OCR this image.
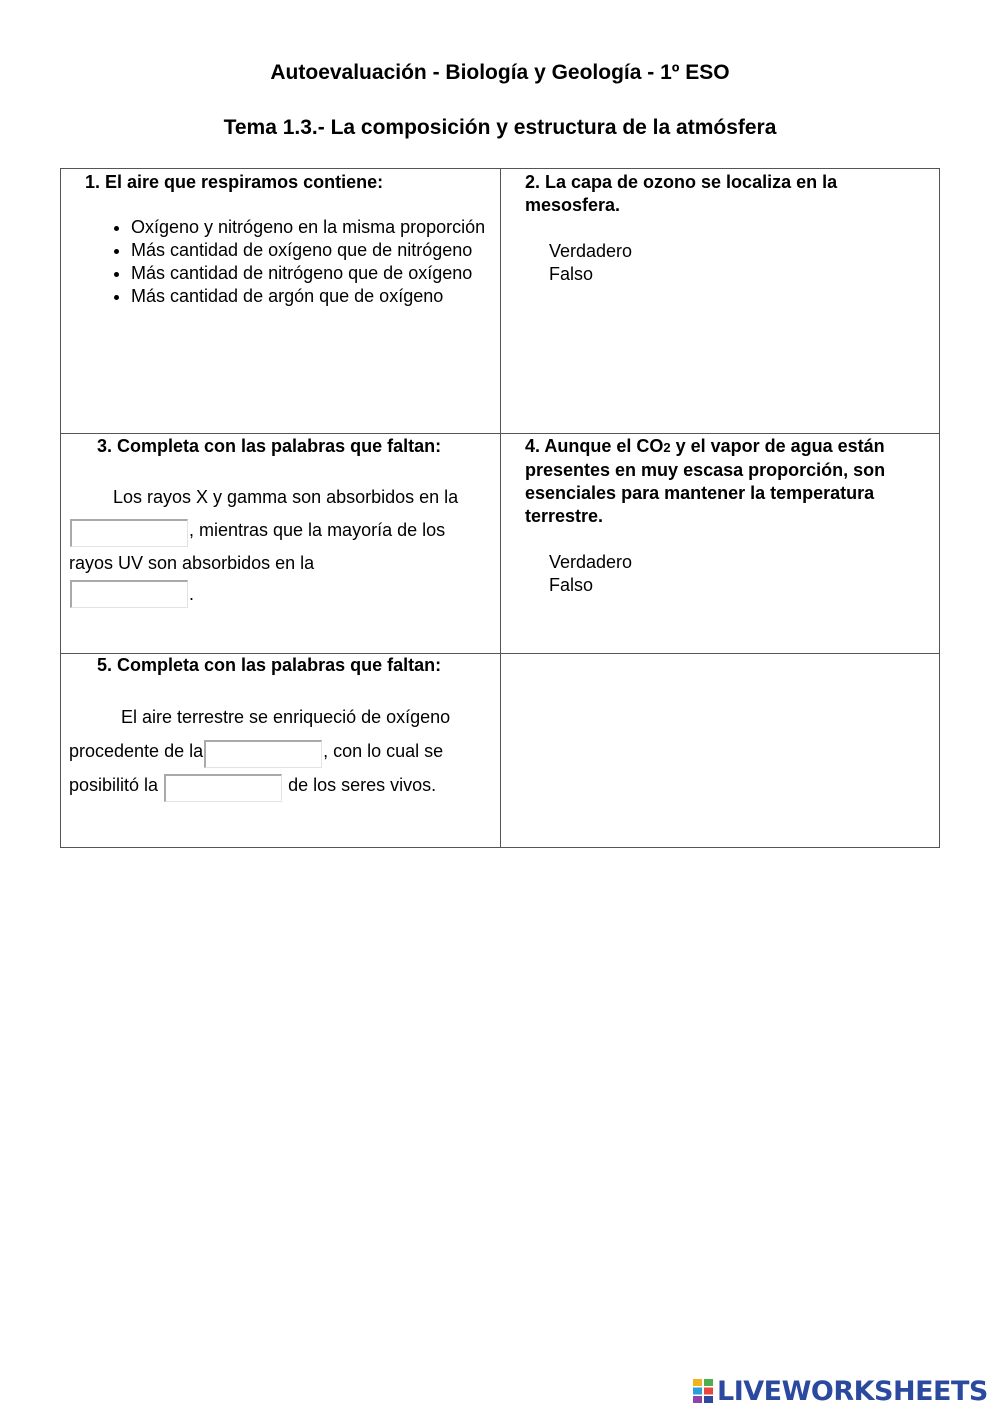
Autoevaluación - Biología y Geología - 1º ESO
Tema 1.3.- La composición y estructura de la atmósfera
1. El aire que respiramos contiene:
• Oxígeno y nitrógeno en la misma proporción
• Más cantidad de oxígeno que de nitrógeno
• Más cantidad de nitrógeno que de oxígeno
• Más cantidad de argón que de oxígeno
2. La capa de ozono se localiza en la mesosfera.
Verdadero
Falso
3. Completa con las palabras que faltan:
Los rayos X y gamma son absorbidos en la, mientras que la mayoría de los rayos UV son absorbidos en la
.
4. Aunque el CO2 y el vapor de agua están presentes en muy escasa proporción, son esenciales para mantener la temperatura terrestre.
Verdadero
Falso
5. Completa con las palabras que faltan:
El aire terrestre se enriqueció de oxígeno procedente de la	, con lo cual se posibilitó la	de los seres vivos.
LIVEWORKSHEETS
